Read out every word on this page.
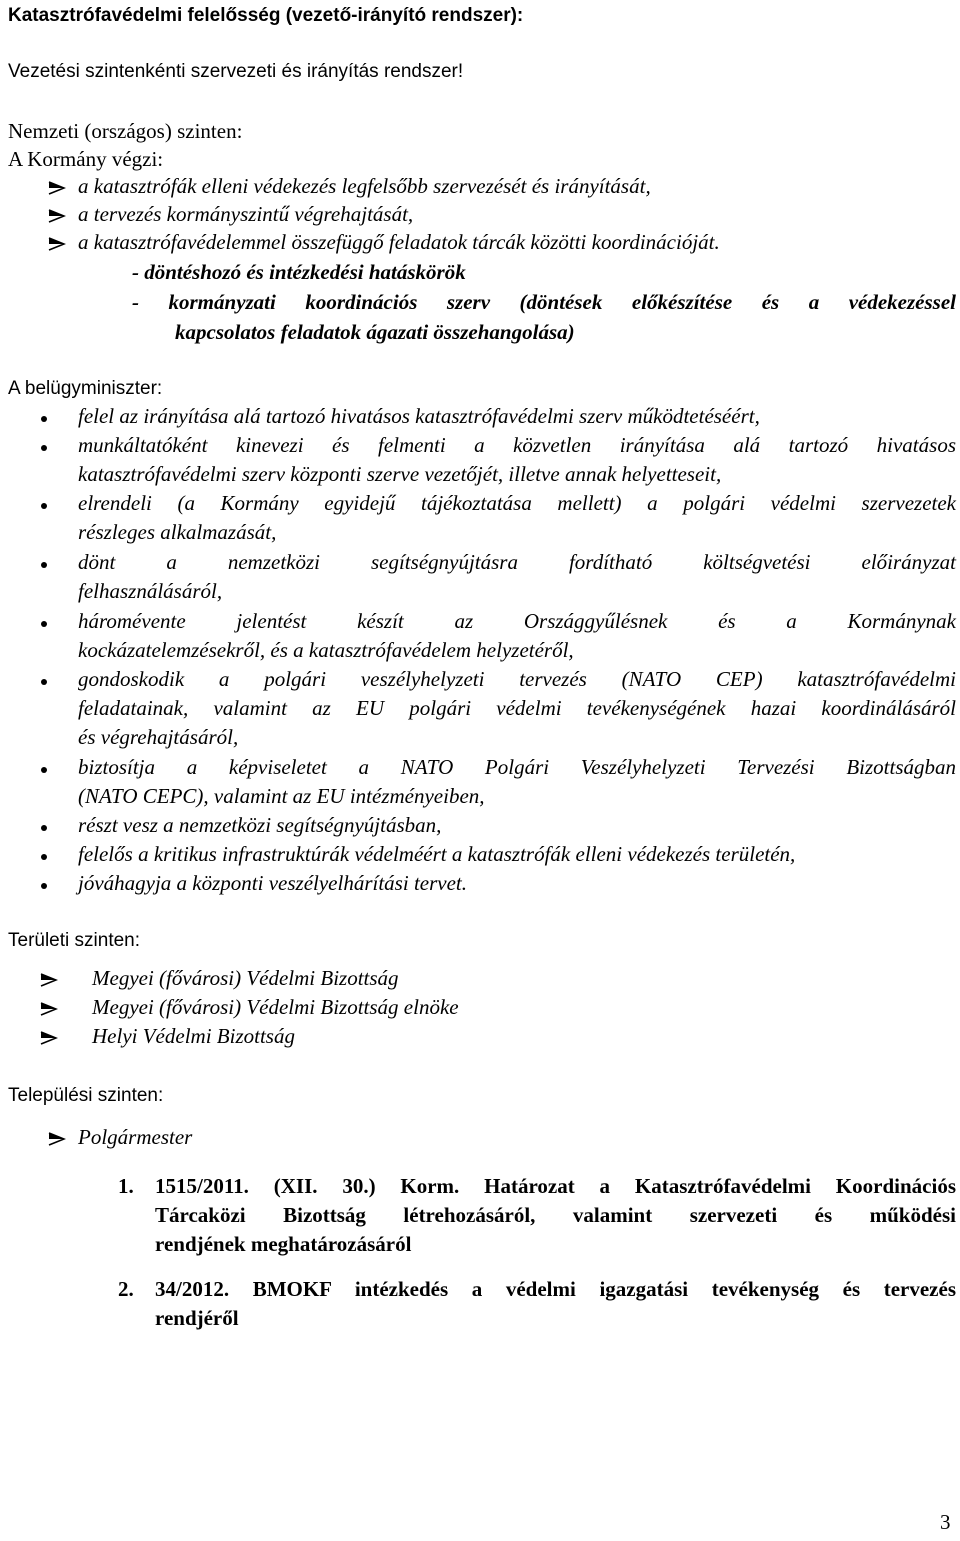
Katasztrófavédelmi felelősség (vezető-irányító rendszer):
Vezetési szintenkénti szervezeti és irányítás rendszer!
Nemzeti (országos) szinten:
A Kormány végzi:
a katasztrófák elleni védekezés legfelsőbb szervezését és irányítását,
a tervezés kormányszintű végrehajtását,
a katasztrófavédelemmel összefüggő feladatok tárcák közötti koordinációját.
- döntéshozó és intézkedési hatáskörök
- kormányzati koordinációs szerv (döntések előkészítése és a védekezéssel
kapcsolatos feladatok ágazati összehangolása)
A belügyminiszter:
felel az irányítása alá tartozó hivatásos katasztrófavédelmi szerv működtetéséért,
munkáltatóként kinevezi és felmenti a közvetlen irányítása alá tartozó hivatásos
katasztrófavédelmi szerv központi szerve vezetőjét, illetve annak helyetteseit,
elrendeli (a Kormány egyidejű tájékoztatása mellett) a polgári védelmi szervezetek
részleges alkalmazását,
dönt a nemzetközi segítségnyújtásra fordítható költségvetési előirányzat
felhasználásáról,
háromévente jelentést készít az Országgyűlésnek és a Kormánynak
kockázatelemzésekről, és a katasztrófavédelem helyzetéről,
gondoskodik a polgári veszélyhelyzeti tervezés (NATO CEP) katasztrófavédelmi
feladatainak, valamint az EU polgári védelmi tevékenységének hazai koordinálásáról
és végrehajtásáról,
biztosítja a képviseletet a NATO Polgári Veszélyhelyzeti Tervezési Bizottságban
(NATO CEPC), valamint az EU intézményeiben,
részt vesz a nemzetközi segítségnyújtásban,
felelős a kritikus infrastruktúrák védelméért a katasztrófák elleni védekezés területén,
jóváhagyja a központi veszélyelhárítási tervet.
Területi szinten:
Megyei (fővárosi) Védelmi Bizottság
Megyei (fővárosi) Védelmi Bizottság elnöke
Helyi Védelmi Bizottság
Települési szinten:
Polgármester
1. 1515/2011. (XII. 30.) Korm. Határozat a Katasztrófavédelmi Koordinációs
Tárcaközi Bizottság létrehozásáról, valamint szervezeti és működési
rendjének meghatározásáról
2. 34/2012. BMOKF intézkedés a védelmi igazgatási tevékenység és tervezés
rendjéről
3
